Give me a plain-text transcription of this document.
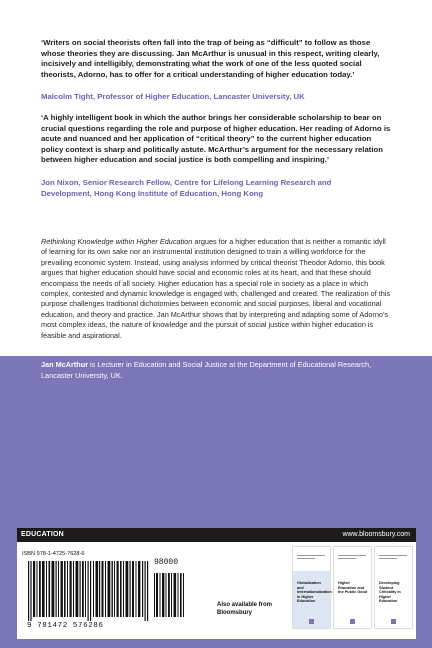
‘Writers on social theorists often fall into the trap of being as “difficult” to follow as those whose theories they are discussing. Jan McArthur is unusual in this respect, writing clearly, incisively and intelligibly, demonstrating what the work of one of the less quoted social theorists, Adorno, has to offer for a critical understanding of higher education today.’
Malcolm Tight, Professor of Higher Education, Lancaster University, UK
‘A highly intelligent book in which the author brings her considerable scholarship to bear on crucial questions regarding the role and purpose of higher education. Her reading of Adorno is acute and nuanced and her application of “critical theory” to the current higher education policy context is sharp and politically astute. McArthur’s argument for the necessary relation between higher education and social justice is both compelling and inspiring.’
Jon Nixon, Senior Research Fellow, Centre for Lifelong Learning Research and Development, Hong Kong Institute of Education, Hong Kong
Rethinking Knowledge within Higher Education argues for a higher education that is neither a romantic idyll of learning for its own sake nor an instrumental institution designed to train a willing workforce for the prevailing economic system. Instead, using analysis informed by critical theorist Theodor Adorno, this book argues that higher education should have social and economic roles at its heart, and that these should encompass the needs of all society. Higher education has a special role in society as a place in which complex, contested and dynamic knowledge is engaged with, challenged and created. The realization of this purpose challenges traditional dichotomies between economic and social purposes, liberal and vocational education, and theory and practice. Jan McArthur shows that by interpreting and adapting some of Adorno’s most complex ideas, the nature of knowledge and the pursuit of social justice within higher education is feasible and aspirational.
Jan McArthur is Lecturer in Education and Social Justice at the Department of Educational Research, Lancaster University, UK.
EDUCATION	www.bloomsbury.com
ISBN 978-1-4725-7628-6
98000
9 781472 576286
Also available from Bloomsbury
Globalization and Internationalization in Higher Education
Higher Education and the Public Good
Developing Student Criticality in Higher Education
